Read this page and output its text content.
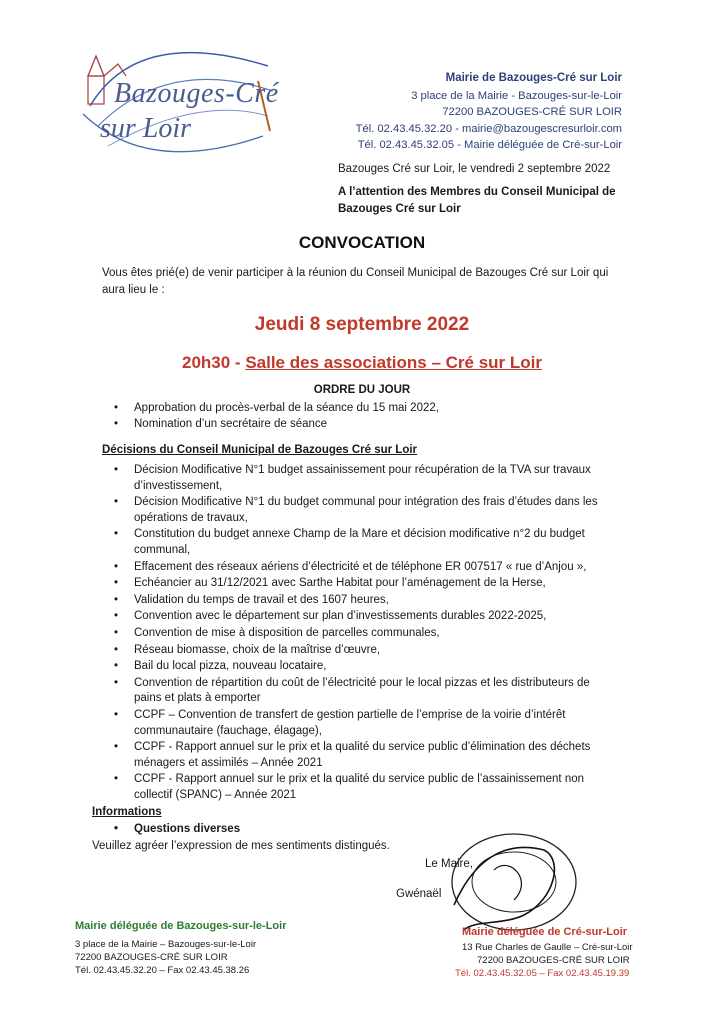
Bazouges-Cré
sur Loir
Mairie de Bazouges-Cré sur Loir
3 place de la Mairie - Bazouges-sur-le-Loir
72200 BAZOUGES-CRÉ SUR LOIR
Tél. 02.43.45.32.20 - mairie@bazougescresurloir.com
Tél. 02.43.45.32.05 - Mairie déléguée de Cré-sur-Loir
Bazouges Cré sur Loir, le vendredi 2 septembre 2022
A l’attention des Membres du Conseil Municipal de Bazouges Cré sur Loir
CONVOCATION
Vous êtes prié(e) de venir participer à la réunion du Conseil Municipal de Bazouges Cré sur Loir qui aura lieu le :
Jeudi 8 septembre 2022
20h30 - Salle des associations – Cré sur Loir
ORDRE DU JOUR
• Approbation du procès-verbal de la séance du 15 mai 2022,
• Nomination d’un secrétaire de séance
Décisions du Conseil Municipal de Bazouges Cré sur Loir
• Décision Modificative N°1 budget assainissement pour récupération de la TVA sur travaux d’investissement,
• Décision Modificative N°1 du budget communal pour intégration des frais d’études dans les opérations de travaux,
• Constitution du budget annexe Champ de la Mare et décision modificative n°2 du budget communal,
• Effacement des réseaux aériens d’électricité et de téléphone ER 007517 « rue d’Anjou »,
• Echéancier au 31/12/2021 avec Sarthe Habitat pour l’aménagement de la Herse,
• Validation du temps de travail et des 1607 heures,
• Convention avec le département sur plan d’investissements durables 2022-2025,
• Convention de mise à disposition de parcelles communales,
• Réseau biomasse, choix de la maîtrise d’œuvre,
• Bail du local pizza, nouveau locataire,
• Convention de répartition du coût de l’électricité pour le local pizzas et les distributeurs de pains et plats à emporter
• CCPF – Convention de transfert de gestion partielle de l’emprise de la voirie d’intérêt communautaire (fauchage, élagage),
• CCPF - Rapport annuel sur le prix et la qualité du service public d’élimination des déchets ménagers et assimilés – Année 2021
• CCPF - Rapport annuel sur le prix et la qualité du service public de l’assainissement non collectif (SPANC) – Année 2021
Informations
• Questions diverses
Veuillez agréer l’expression de mes sentiments distingués.
Le Maire,
Gwénaël
Mairie déléguée de Bazouges-sur-le-Loir
3 place de la Mairie – Bazouges-sur-le-Loir
72200 BAZOUGES-CRÉ SUR LOIR
Tél. 02.43.45.32.20 – Fax 02.43.45.38.26
Mairie déléguée de Cré-sur-Loir
13 Rue Charles de Gaulle – Cré-sur-Loir
72200 BAZOUGES-CRÉ SUR LOIR
Tél. 02.43.45.32.05 – Fax 02.43.45.19.39
